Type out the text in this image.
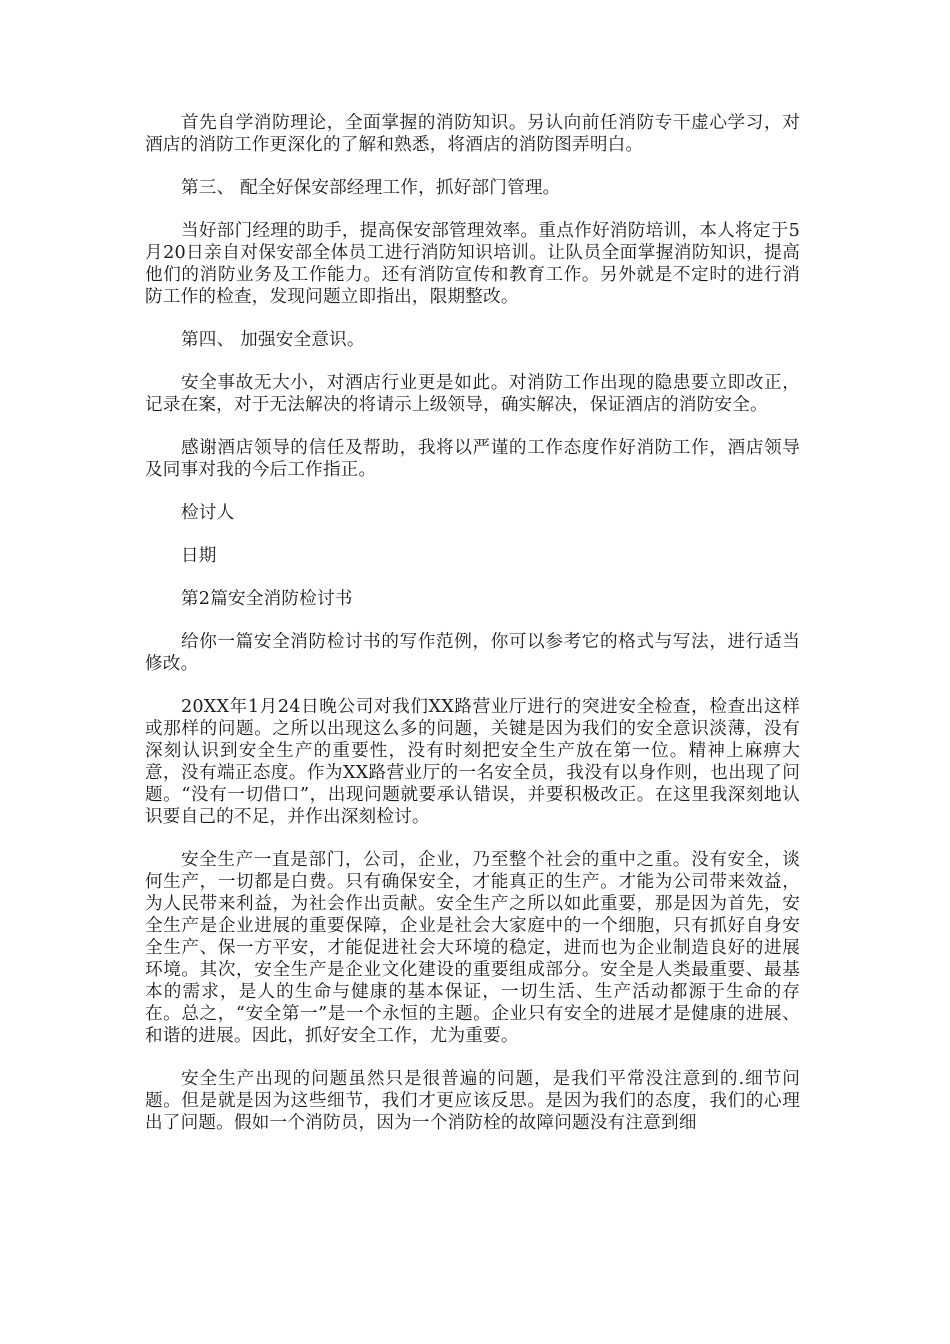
首先自学消防理论，全面掌握的消防知识。另认向前任消防专干虚心学习，对酒店的消防工作更深化的了解和熟悉，将酒店的消防图弄明白。

第三、 配全好保安部经理工作，抓好部门管理。

当好部门经理的助手，提高保安部管理效率。重点作好消防培训，本人将定于5月20日亲自对保安部全体员工进行消防知识培训。让队员全面掌握消防知识，提高他们的消防业务及工作能力。还有消防宣传和教育工作。另外就是不定时的进行消防工作的检查，发现问题立即指出，限期整改。

第四、 加强安全意识。

安全事故无大小，对酒店行业更是如此。对消防工作出现的隐患要立即改正，记录在案，对于无法解决的将请示上级领导，确实解决，保证酒店的消防安全。

感谢酒店领导的信任及帮助，我将以严谨的工作态度作好消防工作，酒店领导及同事对我的今后工作指正。

检讨人

日期

第2篇安全消防检讨书

给你一篇安全消防检讨书的写作范例，你可以参考它的格式与写法，进行适当修改。

20XX年1月24日晚公司对我们XX路营业厅进行的突进安全检查，检查出这样或那样的问题。之所以出现这么多的问题，关键是因为我们的安全意识淡薄，没有深刻认识到安全生产的重要性，没有时刻把安全生产放在第一位。精神上麻痹大意，没有端正态度。作为XX路营业厅的一名安全员，我没有以身作则，也出现了问题。“没有一切借口”，出现问题就要承认错误，并要积极改正。在这里我深刻地认识要自己的不足，并作出深刻检讨。

安全生产一直是部门，公司，企业，乃至整个社会的重中之重。没有安全，谈何生产，一切都是白费。只有确保安全，才能真正的生产。才能为公司带来效益，为人民带来利益，为社会作出贡献。安全生产之所以如此重要，那是因为首先，安全生产是企业进展的重要保障，企业是社会大家庭中的一个细胞，只有抓好自身安全生产、保一方平安，才能促进社会大环境的稳定，进而也为企业制造良好的进展环境。其次，安全生产是企业文化建设的重要组成部分。安全是人类最重要、最基本的需求，是人的生命与健康的基本保证，一切生活、生产活动都源于生命的存在。总之，“安全第一”是一个永恒的主题。企业只有安全的进展才是健康的进展、和谐的进展。因此，抓好安全工作，尤为重要。

安全生产出现的问题虽然只是很普遍的问题，是我们平常没注意到的.细节问题。但是就是因为这些细节，我们才更应该反思。是因为我们的态度，我们的心理出了问题。假如一个消防员，因为一个消防栓的故障问题没有注意到细
